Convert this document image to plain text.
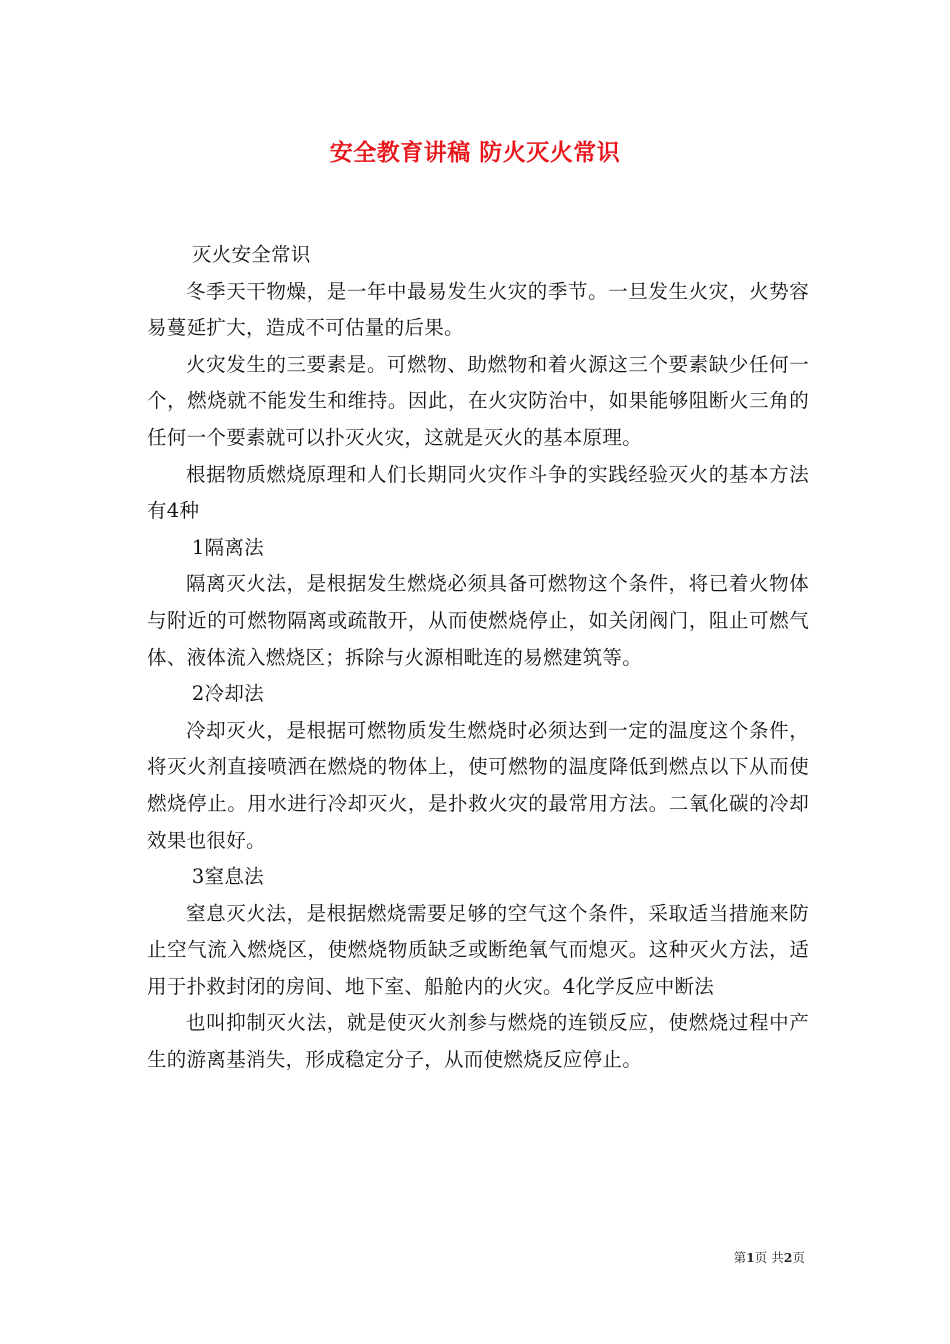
安全教育讲稿 防火灭火常识

灭火安全常识

冬季天干物燥，是一年中最易发生火灾的季节。一旦发生火灾，火势容易蔓延扩大，造成不可估量的后果。

火灾发生的三要素是。可燃物、助燃物和着火源这三个要素缺少任何一个，燃烧就不能发生和维持。因此，在火灾防治中，如果能够阻断火三角的任何一个要素就可以扑灭火灾，这就是灭火的基本原理。

根据物质燃烧原理和人们长期同火灾作斗争的实践经验灭火的基本方法有4种

1隔离法

隔离灭火法，是根据发生燃烧必须具备可燃物这个条件，将已着火物体与附近的可燃物隔离或疏散开，从而使燃烧停止，如关闭阀门，阻止可燃气体、液体流入燃烧区；拆除与火源相毗连的易燃建筑等。

2冷却法

冷却灭火，是根据可燃物质发生燃烧时必须达到一定的温度这个条件，将灭火剂直接喷洒在燃烧的物体上，使可燃物的温度降低到燃点以下从而使燃烧停止。用水进行冷却灭火，是扑救火灾的最常用方法。二氧化碳的冷却效果也很好。

3窒息法

窒息灭火法，是根据燃烧需要足够的空气这个条件，采取适当措施来防止空气流入燃烧区，使燃烧物质缺乏或断绝氧气而熄灭。这种灭火方法，适用于扑救封闭的房间、地下室、船舱内的火灾。4化学反应中断法

也叫抑制灭火法，就是使灭火剂参与燃烧的连锁反应，使燃烧过程中产生的游离基消失，形成稳定分子，从而使燃烧反应停止。

第1页 共2页
